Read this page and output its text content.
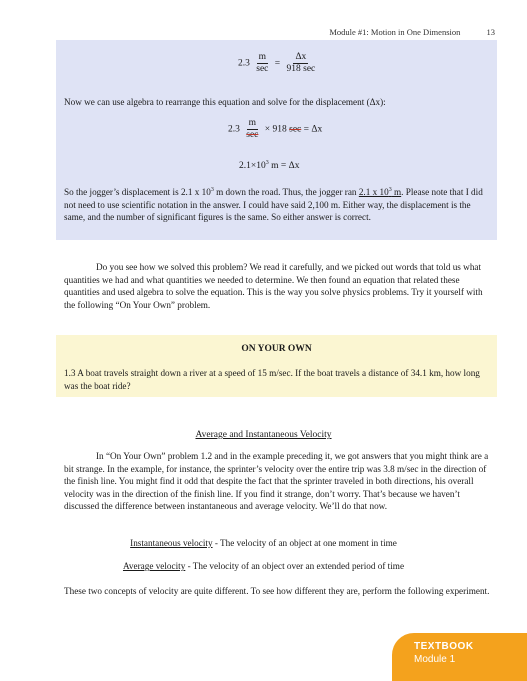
Module #1: Motion in One Dimension	13
$2.3 \frac{m}{\sec} = \frac{\Delta x}{918 \sec}$

Now we can use algebra to rearrange this equation and solve for the displacement (Δx):

$2.3 \frac{m}{\sec} \times 918$ sec = Δx
$2.1\times 10^3$ m = Δx

So the jogger’s displacement is 2.1 x $10^3$ m down the road. Thus, the jogger ran 2.1 x $10^3$ m. Please note that I did not need to use scientific notation in the answer. I could have said 2,100 m. Either way, the displacement is the same, and the number of significant figures is the same. So either answer is correct.

Do you see how we solved this problem? We read it carefully, and we picked out words that told us what quantities we had and what quantities we needed to determine. We then found an equation that related these quantities and used algebra to solve the equation. This is the way you solve physics problems. Try it yourself with the following “On Your Own” problem.

ON YOUR OWN
1.3 A boat travels straight down a river at a speed of 15 m/sec. If the boat travels a distance of 34.1 km, how long was the boat ride?
Average and Instantaneous Velocity

In “On Your Own” problem 1.2 and in the example preceding it, we got answers that you might think are a bit strange. In the example, for instance, the sprinter’s velocity over the entire trip was 3.8 m/sec in the direction of the finish line. You might find it odd that despite the fact that the sprinter traveled in both directions, his overall velocity was in the direction of the finish line. If you find it strange, don’t worry. That’s because we haven’t discussed the difference between instantaneous and average velocity. We’ll do that now.

Instantaneous velocity - The velocity of an object at one moment in time
Average velocity - The velocity of an object over an extended period of time

These two concepts of velocity are quite different. To see how different they are, perform the following experiment.

TEXTBOOK
Module 1
